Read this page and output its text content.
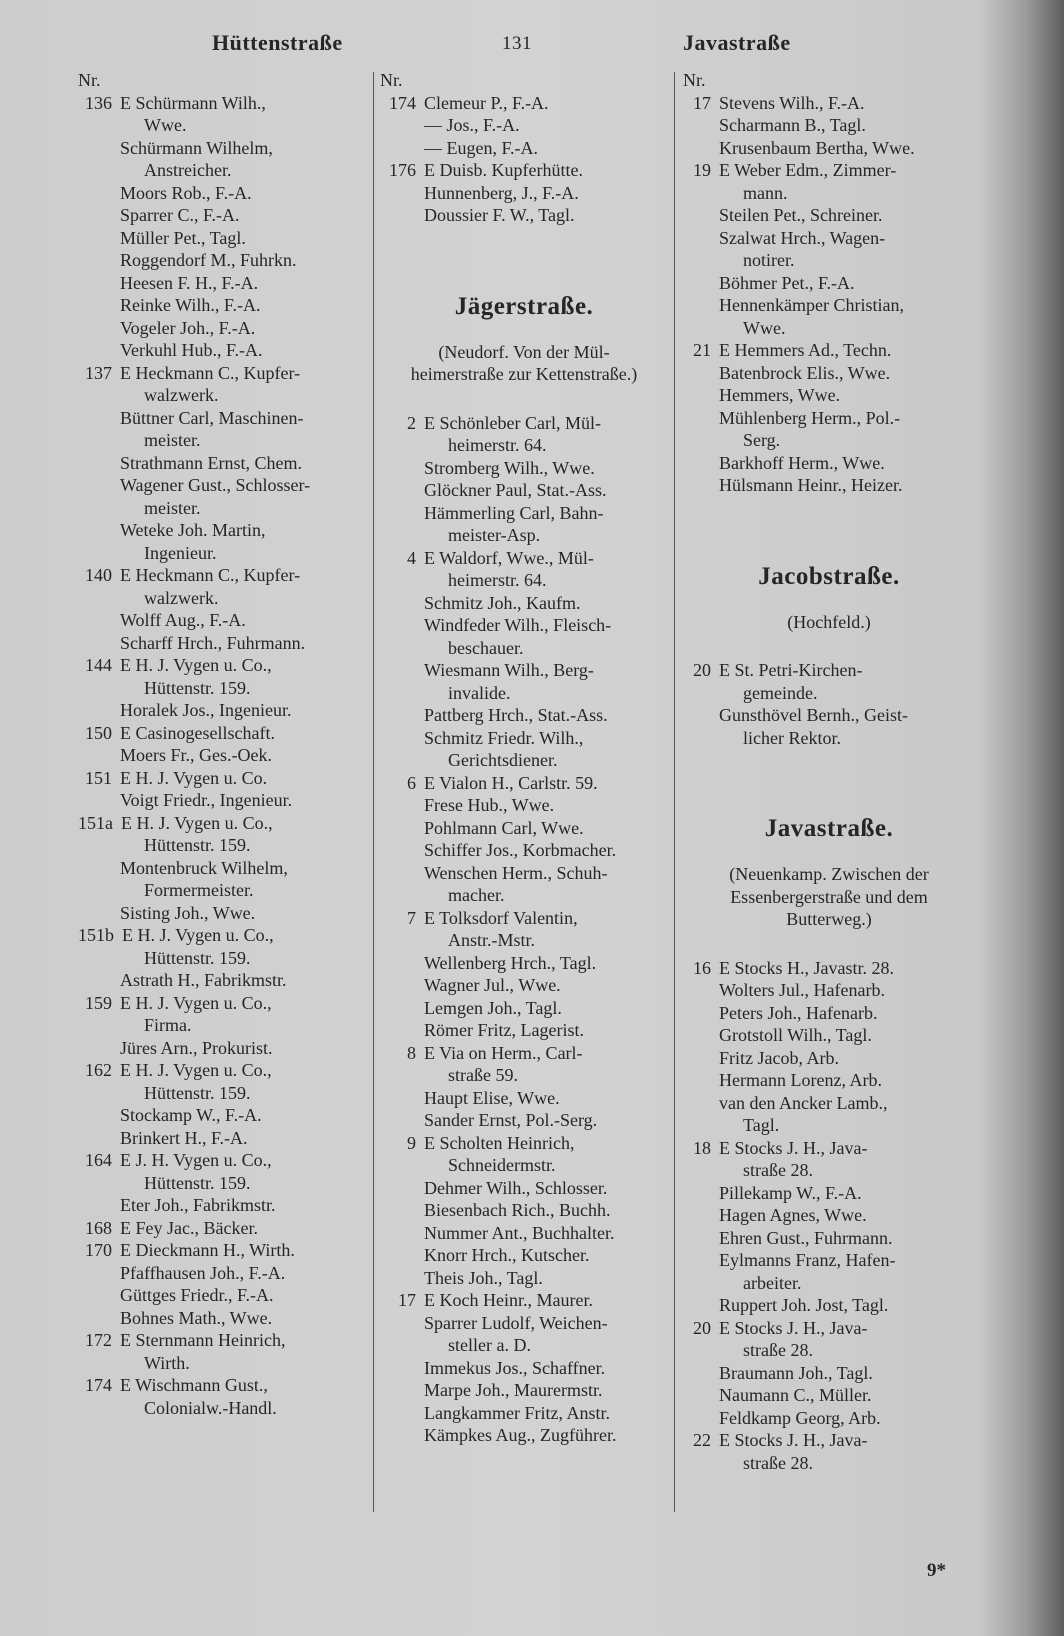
Hüttenstraße	131	Javastraße
Nr.
136 E Schürmann Wilh.,
Wwe.
Schürmann Wilhelm,
Anstreicher.
Moors Rob., F.-A.
Sparrer C., F.-A.
Müller Pet., Tagl.
Roggendorf M., Fuhrkn.
Heesen F. H., F.-A.
Reinke Wilh., F.-A.
Vogeler Joh., F.-A.
Verkuhl Hub., F.-A.
137 E Heckmann C., Kupfer-
walzwerk.
Büttner Carl, Maschinen-
meister.
Strathmann Ernst, Chem.
Wagener Gust., Schlosser-
meister.
Weteke Joh. Martin,
Ingenieur.
140 E Heckmann C., Kupfer-
walzwerk.
Wolff Aug., F.-A.
Scharff Hrch., Fuhrmann.
144 E H. J. Vygen u. Co.,
Hüttenstr. 159.
Horalek Jos., Ingenieur.
150 E Casinogesellschaft.
Moers Fr., Ges.-Oek.
151 E H. J. Vygen u. Co.
Voigt Friedr., Ingenieur.
151a E H. J. Vygen u. Co.,
Hüttenstr. 159.
Montenbruck Wilhelm,
Formermeister.
Sisting Joh., Wwe.
151b E H. J. Vygen u. Co.,
Hüttenstr. 159.
Astrath H., Fabrikmstr.
159 E H. J. Vygen u. Co.,
Firma.
Jüres Arn., Prokurist.
162 E H. J. Vygen u. Co.,
Hüttenstr. 159.
Stockamp W., F.-A.
Brinkert H., F.-A.
164 E J. H. Vygen u. Co.,
Hüttenstr. 159.
Eter Joh., Fabrikmstr.
168 E Fey Jac., Bäcker.
170 E Dieckmann H., Wirth.
Pfaffhausen Joh., F.-A.
Güttges Friedr., F.-A.
Bohnes Math., Wwe.
172 E Sternmann Heinrich,
Wirth.
174 E Wischmann Gust.,
Colonialw.-Handl.
Nr.
174 Clemeur P., F.-A.
— Jos., F.-A.
— Eugen, F.-A.
176 E Duisb. Kupferhütte.
Hunnenberg, J., F.-A.
Doussier F. W., Tagl.
Jägerstraße.
(Neudorf. Von der Mül-
heimerstraße zur Kettenstraße.)
2 E Schönleber Carl, Mül-
heimerstr. 64.
Stromberg Wilh., Wwe.
Glöckner Paul, Stat.-Ass.
Hämmerling Carl, Bahn-
meister-Asp.
4 E Waldorf, Wwe., Mül-
heimerstr. 64.
Schmitz Joh., Kaufm.
Windfeder Wilh., Fleisch-
beschauer.
Wiesmann Wilh., Berg-
invalide.
Pattberg Hrch., Stat.-Ass.
Schmitz Friedr. Wilh.,
Gerichtsdiener.
6 E Vialon H., Carlstr. 59.
Frese Hub., Wwe.
Pohlmann Carl, Wwe.
Schiffer Jos., Korbmacher.
Wenschen Herm., Schuh-
macher.
7 E Tolksdorf Valentin,
Anstr.-Mstr.
Wellenberg Hrch., Tagl.
Wagner Jul., Wwe.
Lemgen Joh., Tagl.
Römer Fritz, Lagerist.
8 E Via on Herm., Carl-
straße 59.
Haupt Elise, Wwe.
Sander Ernst, Pol.-Serg.
9 E Scholten Heinrich,
Schneidermstr.
Dehmer Wilh., Schlosser.
Biesenbach Rich., Buchh.
Nummer Ant., Buchhalter.
Knorr Hrch., Kutscher.
Theis Joh., Tagl.
17 E Koch Heinr., Maurer.
Sparrer Ludolf, Weichen-
steller a. D.
Immekus Jos., Schaffner.
Marpe Joh., Maurermstr.
Langkammer Fritz, Anstr.
Kämpkes Aug., Zugführer.
Nr.
17 Stevens Wilh., F.-A.
Scharmann B., Tagl.
Krusenbaum Bertha, Wwe.
19 E Weber Edm., Zimmer-
mann.
Steilen Pet., Schreiner.
Szalwat Hrch., Wagen-
notirer.
Böhmer Pet., F.-A.
Hennenkämper Christian,
Wwe.
21 E Hemmers Ad., Techn.
Batenbrock Elis., Wwe.
Hemmers, Wwe.
Mühlenberg Herm., Pol.-
Serg.
Barkhoff Herm., Wwe.
Hülsmann Heinr., Heizer.
Jacobstraße.
(Hochfeld.)
20 E St. Petri-Kirchen-
gemeinde.
Gunsthövel Bernh., Geist-
licher Rektor.
Javastraße.
(Neuenkamp. Zwischen der
Essenbergerstraße und dem
Butterweg.)
16 E Stocks H., Javastr. 28.
Wolters Jul., Hafenarb.
Peters Joh., Hafenarb.
Grotstoll Wilh., Tagl.
Fritz Jacob, Arb.
Hermann Lorenz, Arb.
van den Ancker Lamb.,
Tagl.
18 E Stocks J. H., Java-
straße 28.
Pillekamp W., F.-A.
Hagen Agnes, Wwe.
Ehren Gust., Fuhrmann.
Eylmanns Franz, Hafen-
arbeiter.
Ruppert Joh. Jost, Tagl.
20 E Stocks J. H., Java-
straße 28.
Braumann Joh., Tagl.
Naumann C., Müller.
Feldkamp Georg, Arb.
22 E Stocks J. H., Java-
straße 28.
9*
